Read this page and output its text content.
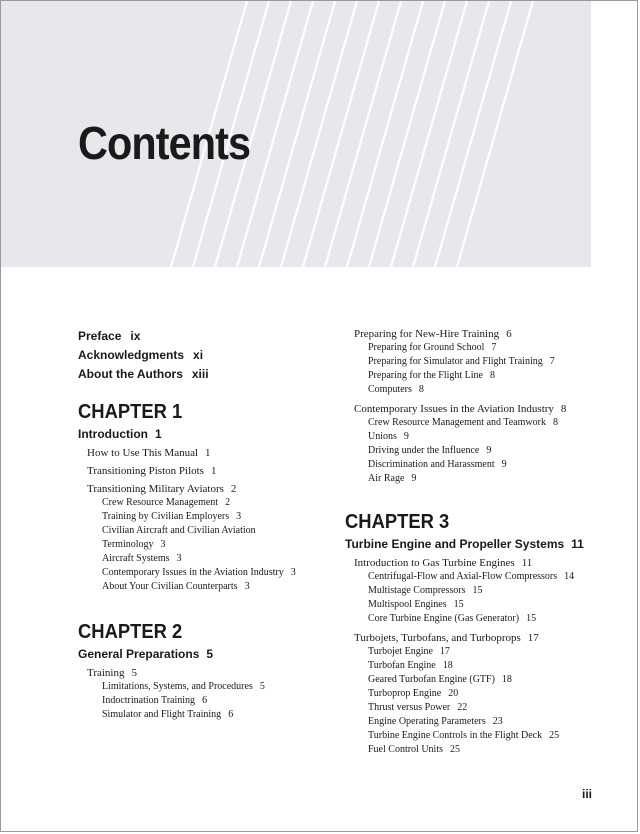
Contents
Preface ix
Acknowledgments xi
About the Authors xiii
CHAPTER 1
Introduction 1
How to Use This Manual 1
Transitioning Piston Pilots 1
Transitioning Military Aviators 2
Crew Resource Management 2
Training by Civilian Employers 3
Civilian Aircraft and Civilian Aviation
Terminology 3
Aircraft Systems 3
Contemporary Issues in the Aviation Industry 3
About Your Civilian Counterparts 3
CHAPTER 2
General Preparations 5
Training 5
Limitations, Systems, and Procedures 5
Indoctrination Training 6
Simulator and Flight Training 6
Preparing for New-Hire Training 6
Preparing for Ground School 7
Preparing for Simulator and Flight Training 7
Preparing for the Flight Line 8
Computers 8
Contemporary Issues in the Aviation Industry 8
Crew Resource Management and Teamwork 8
Unions 9
Driving under the Influence 9
Discrimination and Harassment 9
Air Rage 9
CHAPTER 3
Turbine Engine and Propeller Systems 11
Introduction to Gas Turbine Engines 11
Centrifugal-Flow and Axial-Flow Compressors 14
Multistage Compressors 15
Multispool Engines 15
Core Turbine Engine (Gas Generator) 15
Turbojets, Turbofans, and Turboprops 17
Turbojet Engine 17
Turbofan Engine 18
Geared Turbofan Engine (GTF) 18
Turboprop Engine 20
Thrust versus Power 22
Engine Operating Parameters 23
Turbine Engine Controls in the Flight Deck 25
Fuel Control Units 25
iii
